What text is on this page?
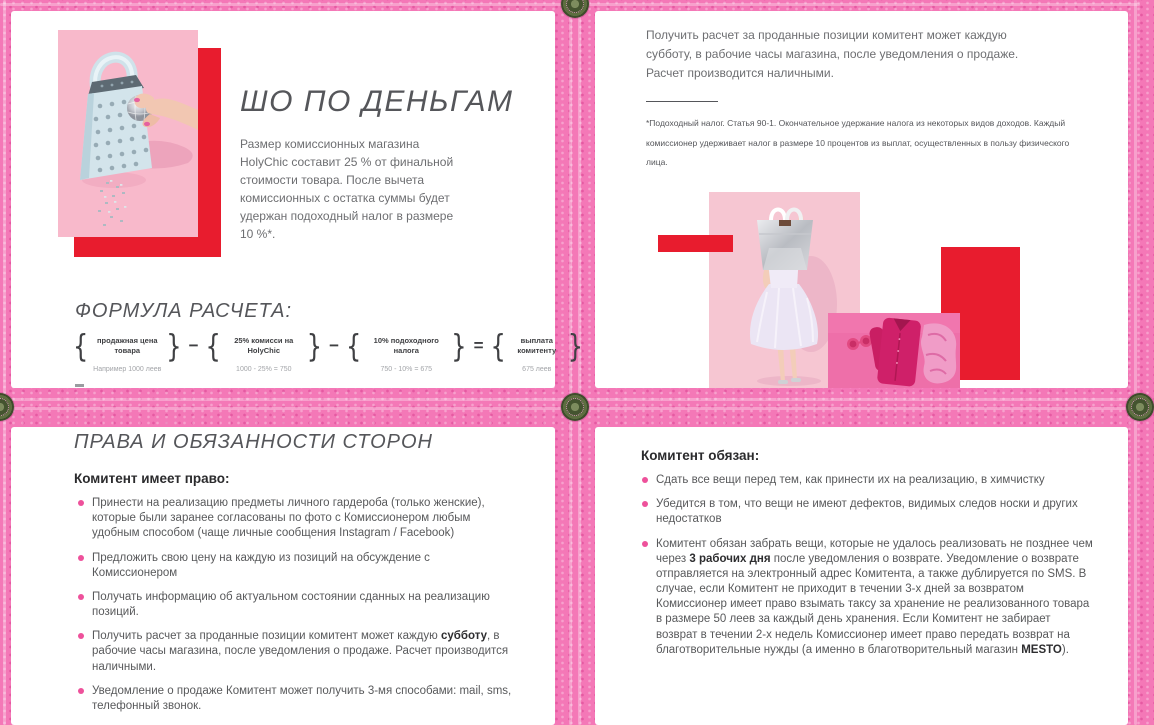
ШО ПО ДЕНЬГАМ

Размер комиссионных магазина HolyChic составит 25 % от финальной стоимости товара. После вычета комиссионных с остатка суммы будет удержан подоходный налог в размере 10 %*.

ФОРМУЛА РАСЧЕТА:
{	продажная цена товара	}
Например 1000 леев
− {	25% комисси на HolyChic	}
1000 - 25% = 750
− {	10% подоходного налога	}
750 - 10% = 675
= {	выплата комитенту }
675 леев

Получить расчет за проданные позиции комитент может каждую субботу, в рабочие часы магазина, после уведомления о продаже. Расчет производится наличными.

*Подоходный налог. Статья 90-1. Окончательное удержание налога из некоторых видов доходов. Каждый комиссионер удерживает налог в размере 10 процентов из выплат, осуществленных в пользу физического лица.

ПРАВА И ОБЯЗАННОСТИ СТОРОН
Комитент имеет право:
Принести на реализацию предметы личного гардероба (только женские), которые были заранее согласованы по фото с Комиссионером любым удобным способом (чаще личные сообщения Instagram / Facebook)
Предложить свою цену на каждую из позиций на обсуждение с Комиссионером
Получать информацию об актуальном состоянии сданных на реализацию позиций.
Получить расчет за проданные позиции комитент может каждую субботу, в рабочие часы магазина, после уведомления о продаже. Расчет производится наличными.
Уведомление о продаже Комитент может получить 3-мя способами: mail, sms, телефонный звонок.
Комитент обязан:
Сдать все вещи перед тем, как принести их на реализацию, в химчистку
Убедится в том, что вещи не имеют дефектов, видимых следов носки и других недостатков
Комитент обязан забрать вещи, которые не удалось реализовать не позднее чем через 3 рабочих дня после уведомления о возврате. Уведомление о возврате отправляется на электронный адрес Комитента, а также дублируется по SMS. В случае, если Комитент не приходит в течении 3-х дней за возвратом Комиссионер имеет право взымать таксу за хранение не реализованного товара в размере 50 леев за каждый день хранения. Если Комитент не забирает возврат в течении 2-х недель Комиссионер имеет право передать возврат на благотворительные нужды (а именно в благотворительный магазин MESTO).
